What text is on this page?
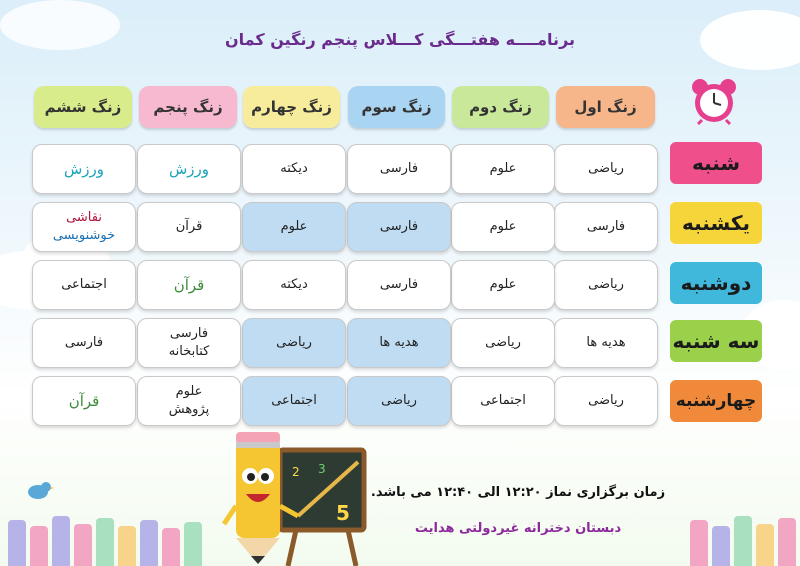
برنامــــه هفتـــگی کـــلاس پنجم رنگین کمان
زنگ اول
زنگ دوم
زنگ سوم
زنگ چهارم
زنگ پنجم
زنگ ششم
شنبه
یکشنبه
دوشنبه
سه شنبه
چهارشنبه
ریاضی
علوم
فارسی
دیکته
ورزش
ورزش
فارسی
علوم
فارسی
علوم
قرآن
نقاشی
خوشنویسی
ریاضی
علوم
فارسی
دیکته
قرآن
اجتماعی
هدیه ها
ریاضی
هدیه ها
ریاضی
فارسی
کتابخانه
فارسی
ریاضی
اجتماعی
ریاضی
اجتماعی
علوم
پژوهش
قرآن
2 3
5
زمان برگزاری نماز ۱۲:۲۰ الی ۱۲:۴۰ می باشد.
دبستان دخترانه غیردولتی هدایت
